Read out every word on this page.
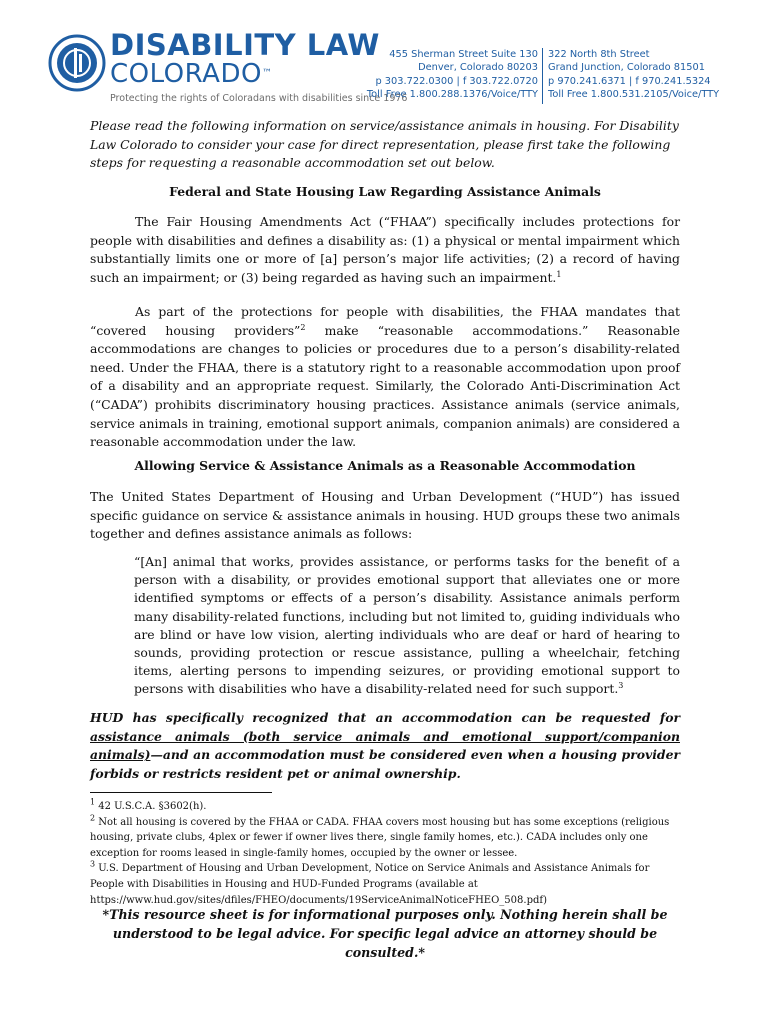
DISABILITY LAW
COLORADO™
Protecting the rights of Coloradans with disabilities since 1976
455 Sherman Street Suite 130
Denver, Colorado 80203
p 303.722.0300 | f 303.722.0720
Toll Free 1.800.288.1376/Voice/TTY
322 North 8th Street
Grand Junction, Colorado 81501
p 970.241.6371 | f 970.241.5324
Toll Free 1.800.531.2105/Voice/TTY
Please read the following information on service/assistance animals in housing. For Disability Law Colorado to consider your case for direct representation, please first take the following steps for requesting a reasonable accommodation set out below.
Federal and State Housing Law Regarding Assistance Animals
The Fair Housing Amendments Act (“FHAA”) specifically includes protections for people with disabilities and defines a disability as: (1) a physical or mental impairment which substantially limits one or more of [a] person’s major life activities; (2) a record of having such an impairment; or (3) being regarded as having such an impairment.$^1$
As part of the protections for people with disabilities, the FHAA mandates that “covered housing providers”$^2$ make “reasonable accommodations.” Reasonable accommodations are changes to policies or procedures due to a person’s disability-related need. Under the FHAA, there is a statutory right to a reasonable accommodation upon proof of a disability and an appropriate request. Similarly, the Colorado Anti-Discrimination Act (“CADA”) prohibits discriminatory housing practices. Assistance animals (service animals, service animals in training, emotional support animals, companion animals) are considered a reasonable accommodation under the law.
Allowing Service & Assistance Animals as a Reasonable Accommodation
The United States Department of Housing and Urban Development (“HUD”) has issued specific guidance on service & assistance animals in housing. HUD groups these two animals together and defines assistance animals as follows:
“[An] animal that works, provides assistance, or performs tasks for the benefit of a person with a disability, or provides emotional support that alleviates one or more identified symptoms or effects of a person’s disability. Assistance animals perform many disability-related functions, including but not limited to, guiding individuals who are blind or have low vision, alerting individuals who are deaf or hard of hearing to sounds, providing protection or rescue assistance, pulling a wheelchair, fetching items, alerting persons to impending seizures, or providing emotional support to persons with disabilities who have a disability-related need for such support.$^3$
HUD has specifically recognized that an accommodation can be requested for assistance animals (both service animals and emotional support/companion animals)—and an accommodation must be considered even when a housing provider forbids or restricts resident pet or animal ownership.
$^1$ 42 U.S.C.A. §3602(h).
$^2$ Not all housing is covered by the FHAA or CADA. FHAA covers most housing but has some exceptions (religious housing, private clubs, 4plex or fewer if owner lives there, single family homes, etc.). CADA includes only one exception for rooms leased in single-family homes, occupied by the owner or lessee.
$^3$ U.S. Department of Housing and Urban Development, Notice on Service Animals and Assistance Animals for People with Disabilities in Housing and HUD-Funded Programs (available at https://www.hud.gov/sites/dfiles/FHEO/documents/19ServiceAnimalNoticeFHEO_508.pdf)
*This resource sheet is for informational purposes only. Nothing herein shall be understood to be legal advice. For specific legal advice an attorney should be consulted.*
